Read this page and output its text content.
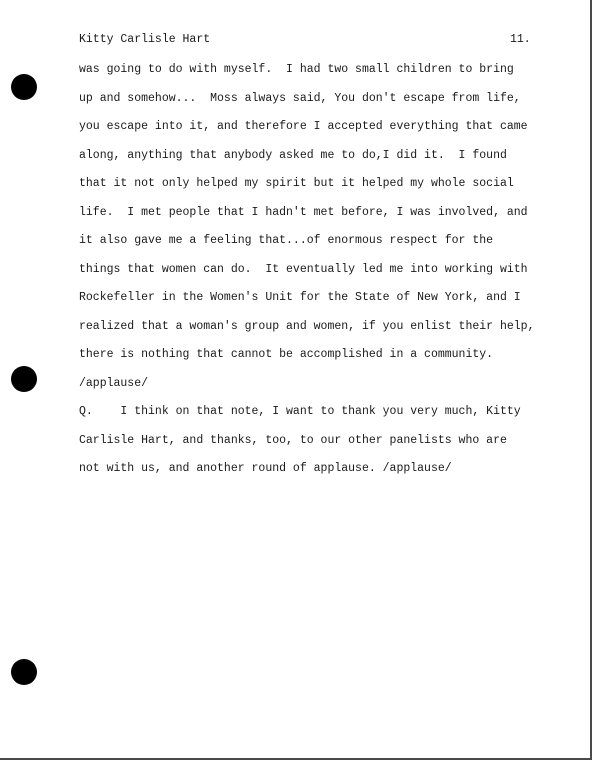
Kitty Carlisle Hart	11.
was going to do with myself.  I had two small children to bring
up and somehow...  Moss always said, You don't escape from life,
you escape into it, and therefore I accepted everything that came
along, anything that anybody asked me to do,I did it.  I found
that it not only helped my spirit but it helped my whole social
life.  I met people that I hadn't met before, I was involved, and
it also gave me a feeling that...of enormous respect for the
things that women can do.  It eventually led me into working with
Rockefeller in the Women's Unit for the State of New York, and I
realized that a woman's group and women, if you enlist their help,
there is nothing that cannot be accomplished in a community.
/applause/
Q.    I think on that note, I want to thank you very much, Kitty
Carlisle Hart, and thanks, too, to our other panelists who are
not with us, and another round of applause. /applause/
